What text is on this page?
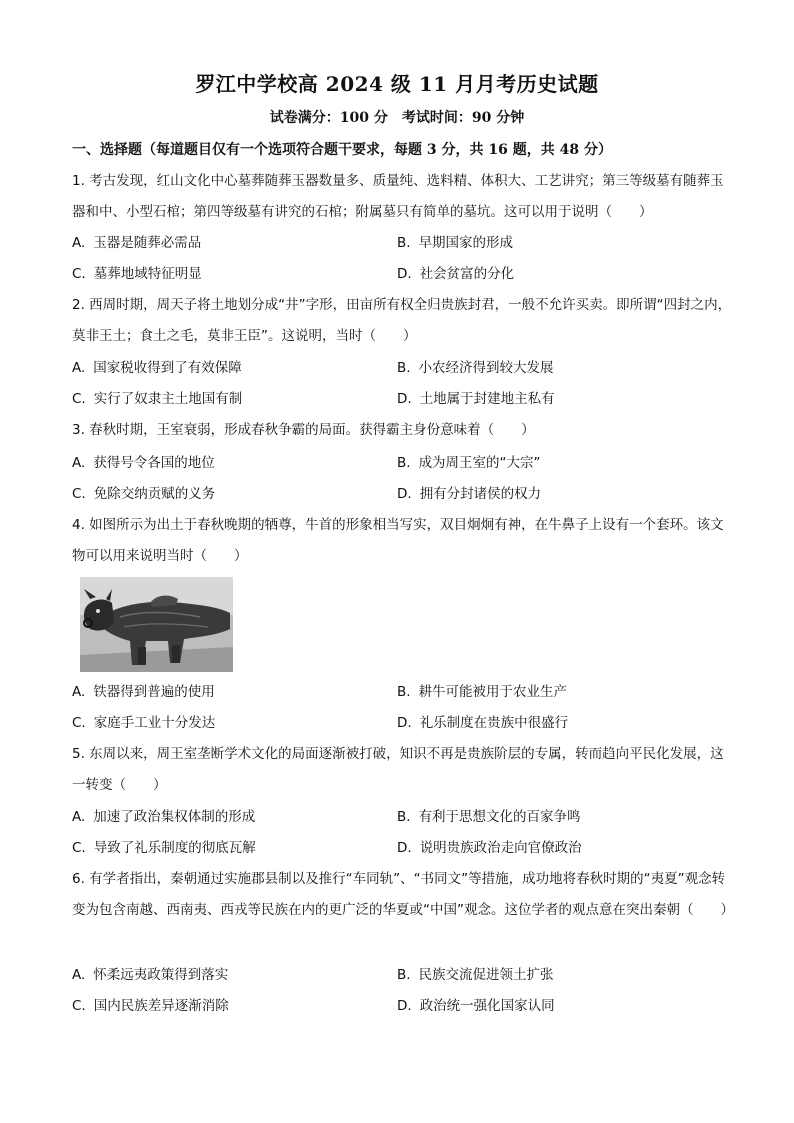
罗江中学校高 2024 级 11 月月考历史试题
试卷满分：100 分　考试时间：90 分钟
一、选择题（每道题目仅有一个选项符合题干要求，每题 3 分，共 16 题，共 48 分）
1. 考古发现，红山文化中心墓葬随葬玉器数量多、质量纯、选料精、体积大、工艺讲究；第三等级墓有随葬玉器和中、小型石棺；第四等级墓有讲究的石棺；附属墓只有简单的墓坑。这可以用于说明（　　）
A. 玉器是随葬必需品	B. 早期国家的形成
C. 墓葬地域特征明显	D. 社会贫富的分化
2. 西周时期，周天子将土地划分成“井”字形，田亩所有权全归贵族封君，一般不允许买卖。即所谓“四封之内，莫非王土；食土之毛，莫非王臣”。这说明，当时（　　）
A. 国家税收得到了有效保障	B. 小农经济得到较大发展
C. 实行了奴隶主土地国有制	D. 土地属于封建地主私有
3. 春秋时期，王室衰弱，形成春秋争霸的局面。获得霸主身份意味着（　　）
A. 获得号令各国的地位	B. 成为周王室的“大宗”
C. 免除交纳贡赋的义务	D. 拥有分封诸侯的权力
4. 如图所示为出土于春秋晚期的牺尊，牛首的形象相当写实，双目炯炯有神，在牛鼻子上设有一个套环。该文物可以用来说明当时（　　）
A. 铁器得到普遍的使用	B. 耕牛可能被用于农业生产
C. 家庭手工业十分发达	D. 礼乐制度在贵族中很盛行
5. 东周以来，周王室垄断学术文化的局面逐渐被打破，知识不再是贵族阶层的专属，转而趋向平民化发展，这一转变（　　）
A. 加速了政治集权体制的形成	B. 有利于思想文化的百家争鸣
C. 导致了礼乐制度的彻底瓦解	D. 说明贵族政治走向官僚政治
6. 有学者指出，秦朝通过实施郡县制以及推行“车同轨”、“书同文”等措施，成功地将春秋时期的“夷夏”观念转变为包含南越、西南夷、西戎等民族在内的更广泛的华夏或“中国”观念。这位学者的观点意在突出秦朝（　　）
A. 怀柔远夷政策得到落实	B. 民族交流促进领土扩张
C. 国内民族差异逐渐消除	D. 政治统一强化国家认同
